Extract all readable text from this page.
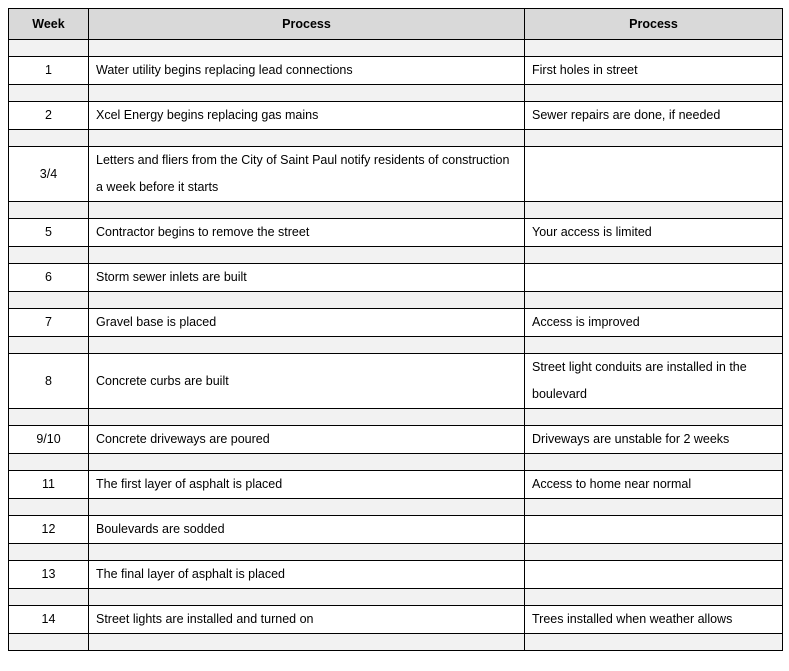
Week	Process	Process

1	Water utility begins replacing lead connections	First holes in street

2	Xcel Energy begins replacing gas mains	Sewer repairs are done, if needed

3/4	Letters and fliers from the City of Saint Paul notify residents of construction a week before it starts	

5	Contractor begins to remove the street	Your access is limited

6	Storm sewer inlets are built	

7	Gravel base is placed	Access is improved

8	Concrete curbs are built	Street light conduits are installed in the boulevard

9/10	Concrete driveways are poured	Driveways are unstable for 2 weeks

11	The first layer of asphalt is placed	Access to home near normal

12	Boulevards are sodded	

13	The final layer of asphalt is placed	

14	Street lights are installed and turned on	Trees installed when weather allows
